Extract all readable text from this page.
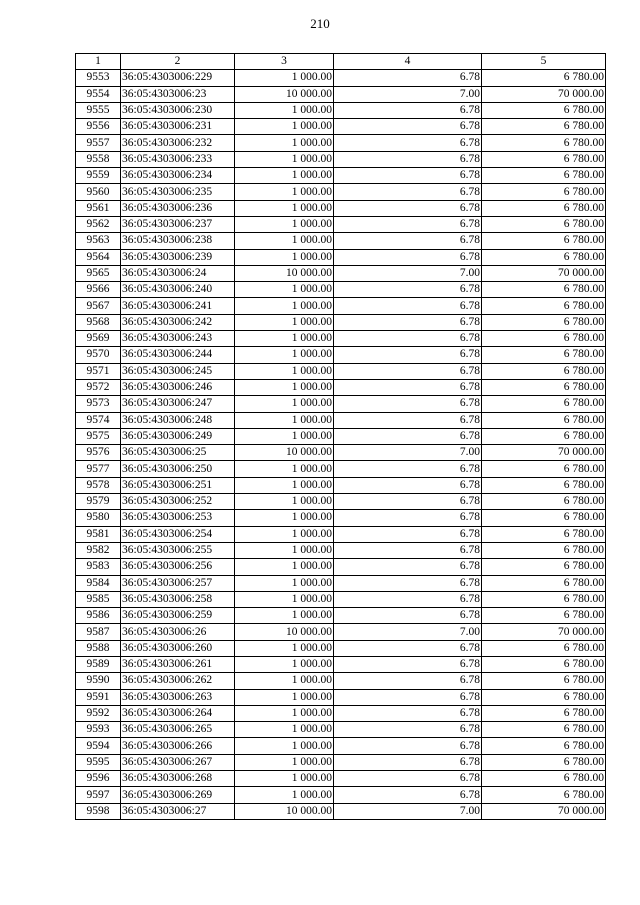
210
1	2	3	4	5
9553	36:05:4303006:229	1 000.00	6.78	6 780.00
9554	36:05:4303006:23	10 000.00	7.00	70 000.00
9555	36:05:4303006:230	1 000.00	6.78	6 780.00
9556	36:05:4303006:231	1 000.00	6.78	6 780.00
9557	36:05:4303006:232	1 000.00	6.78	6 780.00
9558	36:05:4303006:233	1 000.00	6.78	6 780.00
9559	36:05:4303006:234	1 000.00	6.78	6 780.00
9560	36:05:4303006:235	1 000.00	6.78	6 780.00
9561	36:05:4303006:236	1 000.00	6.78	6 780.00
9562	36:05:4303006:237	1 000.00	6.78	6 780.00
9563	36:05:4303006:238	1 000.00	6.78	6 780.00
9564	36:05:4303006:239	1 000.00	6.78	6 780.00
9565	36:05:4303006:24	10 000.00	7.00	70 000.00
9566	36:05:4303006:240	1 000.00	6.78	6 780.00
9567	36:05:4303006:241	1 000.00	6.78	6 780.00
9568	36:05:4303006:242	1 000.00	6.78	6 780.00
9569	36:05:4303006:243	1 000.00	6.78	6 780.00
9570	36:05:4303006:244	1 000.00	6.78	6 780.00
9571	36:05:4303006:245	1 000.00	6.78	6 780.00
9572	36:05:4303006:246	1 000.00	6.78	6 780.00
9573	36:05:4303006:247	1 000.00	6.78	6 780.00
9574	36:05:4303006:248	1 000.00	6.78	6 780.00
9575	36:05:4303006:249	1 000.00	6.78	6 780.00
9576	36:05:4303006:25	10 000.00	7.00	70 000.00
9577	36:05:4303006:250	1 000.00	6.78	6 780.00
9578	36:05:4303006:251	1 000.00	6.78	6 780.00
9579	36:05:4303006:252	1 000.00	6.78	6 780.00
9580	36:05:4303006:253	1 000.00	6.78	6 780.00
9581	36:05:4303006:254	1 000.00	6.78	6 780.00
9582	36:05:4303006:255	1 000.00	6.78	6 780.00
9583	36:05:4303006:256	1 000.00	6.78	6 780.00
9584	36:05:4303006:257	1 000.00	6.78	6 780.00
9585	36:05:4303006:258	1 000.00	6.78	6 780.00
9586	36:05:4303006:259	1 000.00	6.78	6 780.00
9587	36:05:4303006:26	10 000.00	7.00	70 000.00
9588	36:05:4303006:260	1 000.00	6.78	6 780.00
9589	36:05:4303006:261	1 000.00	6.78	6 780.00
9590	36:05:4303006:262	1 000.00	6.78	6 780.00
9591	36:05:4303006:263	1 000.00	6.78	6 780.00
9592	36:05:4303006:264	1 000.00	6.78	6 780.00
9593	36:05:4303006:265	1 000.00	6.78	6 780.00
9594	36:05:4303006:266	1 000.00	6.78	6 780.00
9595	36:05:4303006:267	1 000.00	6.78	6 780.00
9596	36:05:4303006:268	1 000.00	6.78	6 780.00
9597	36:05:4303006:269	1 000.00	6.78	6 780.00
9598	36:05:4303006:27	10 000.00	7.00	70 000.00
